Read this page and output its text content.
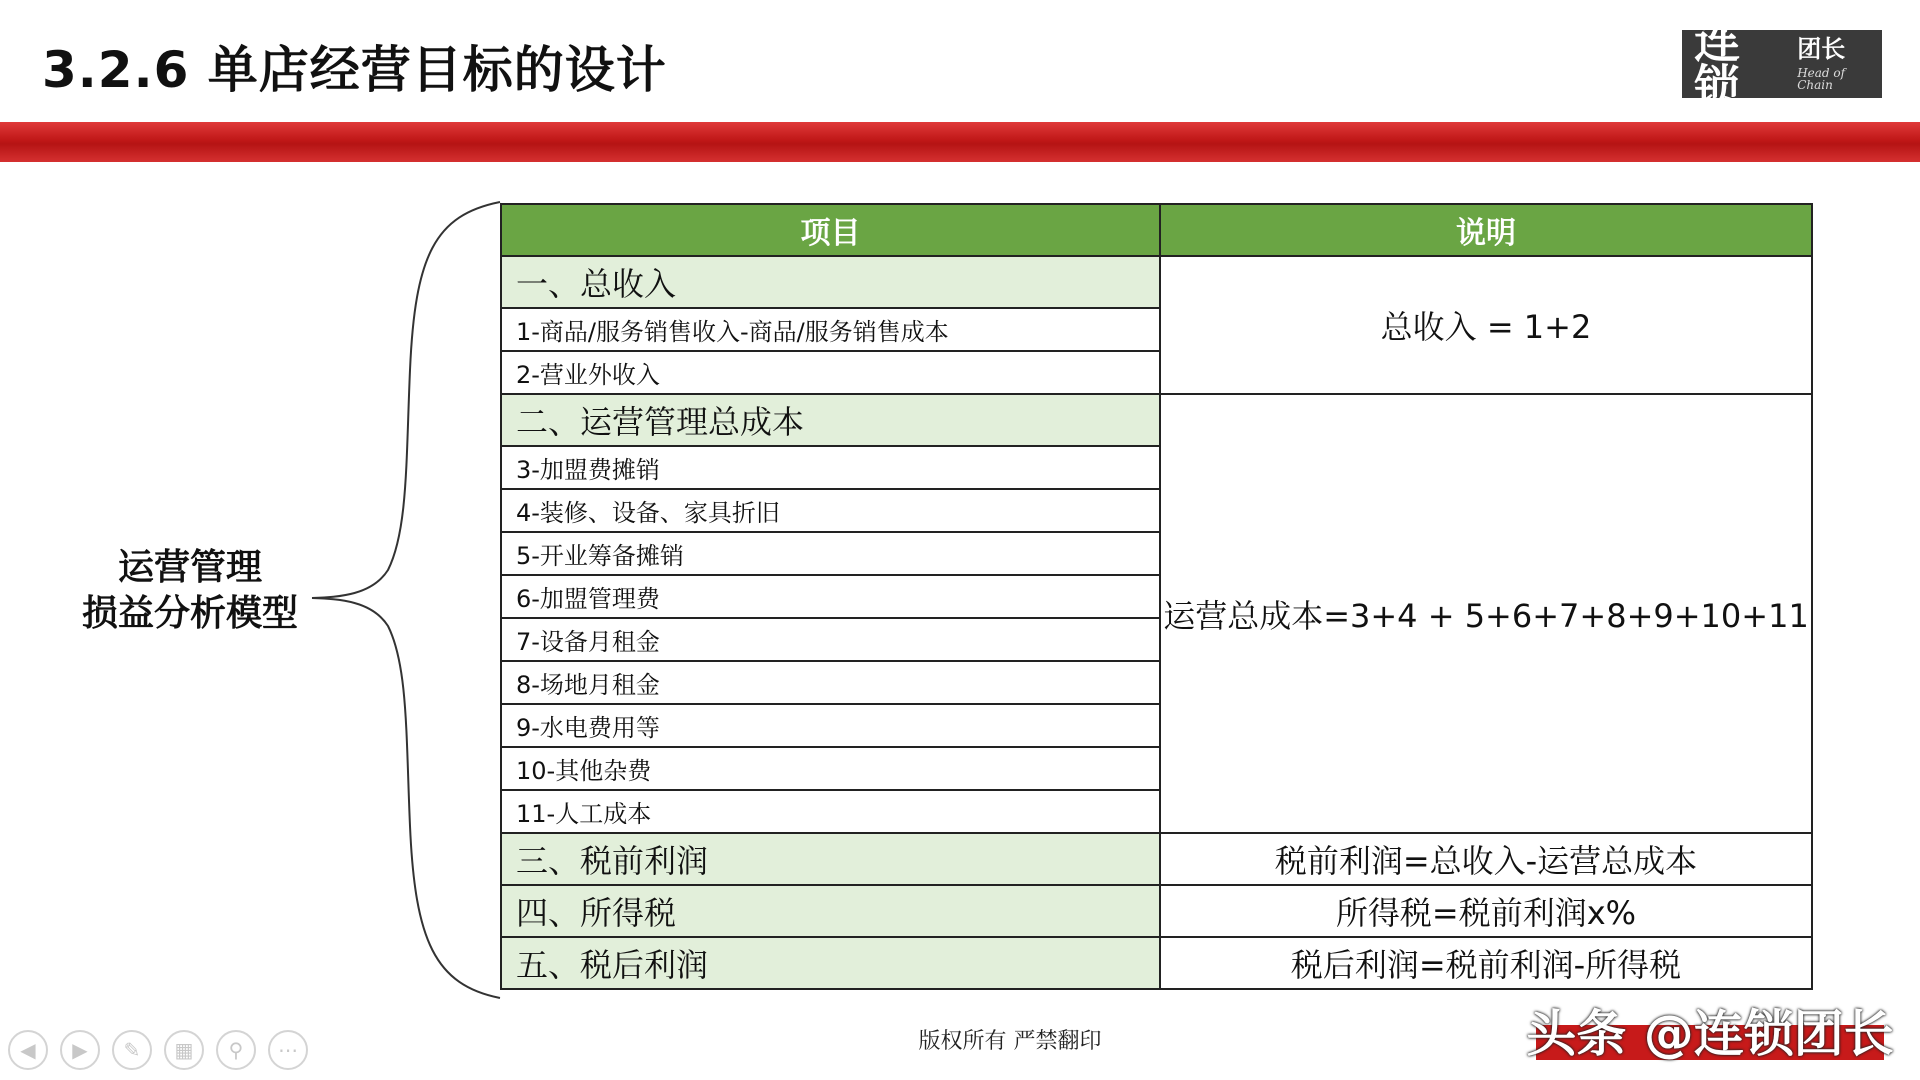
3.2.6 单店经营目标的设计	连锁
团长
Head of Chain
运营管理
损益分析模型
项目	说明
一、总收入	总收入 = 1+2
1-商品/服务销售收入-商品/服务销售成本	
2-营业外收入	
二、运营管理总成本	运营总成本=3+4 + 5+6+7+8+9+10+11
3-加盟费摊销	
4-装修、设备、家具折旧	
5-开业筹备摊销	
6-加盟管理费	
7-设备月租金	
8-场地月租金	
9-水电费用等	
10-其他杂费	
11-人工成本	
三、税前利润	税前利润=总收入-运营总成本
四、所得税	所得税=税前利润x%
五、税后利润	税后利润=税前利润-所得税
◀	▶	✎	▦	⚲	⋯	版权所有 严禁翻印	头条 @连锁团长
